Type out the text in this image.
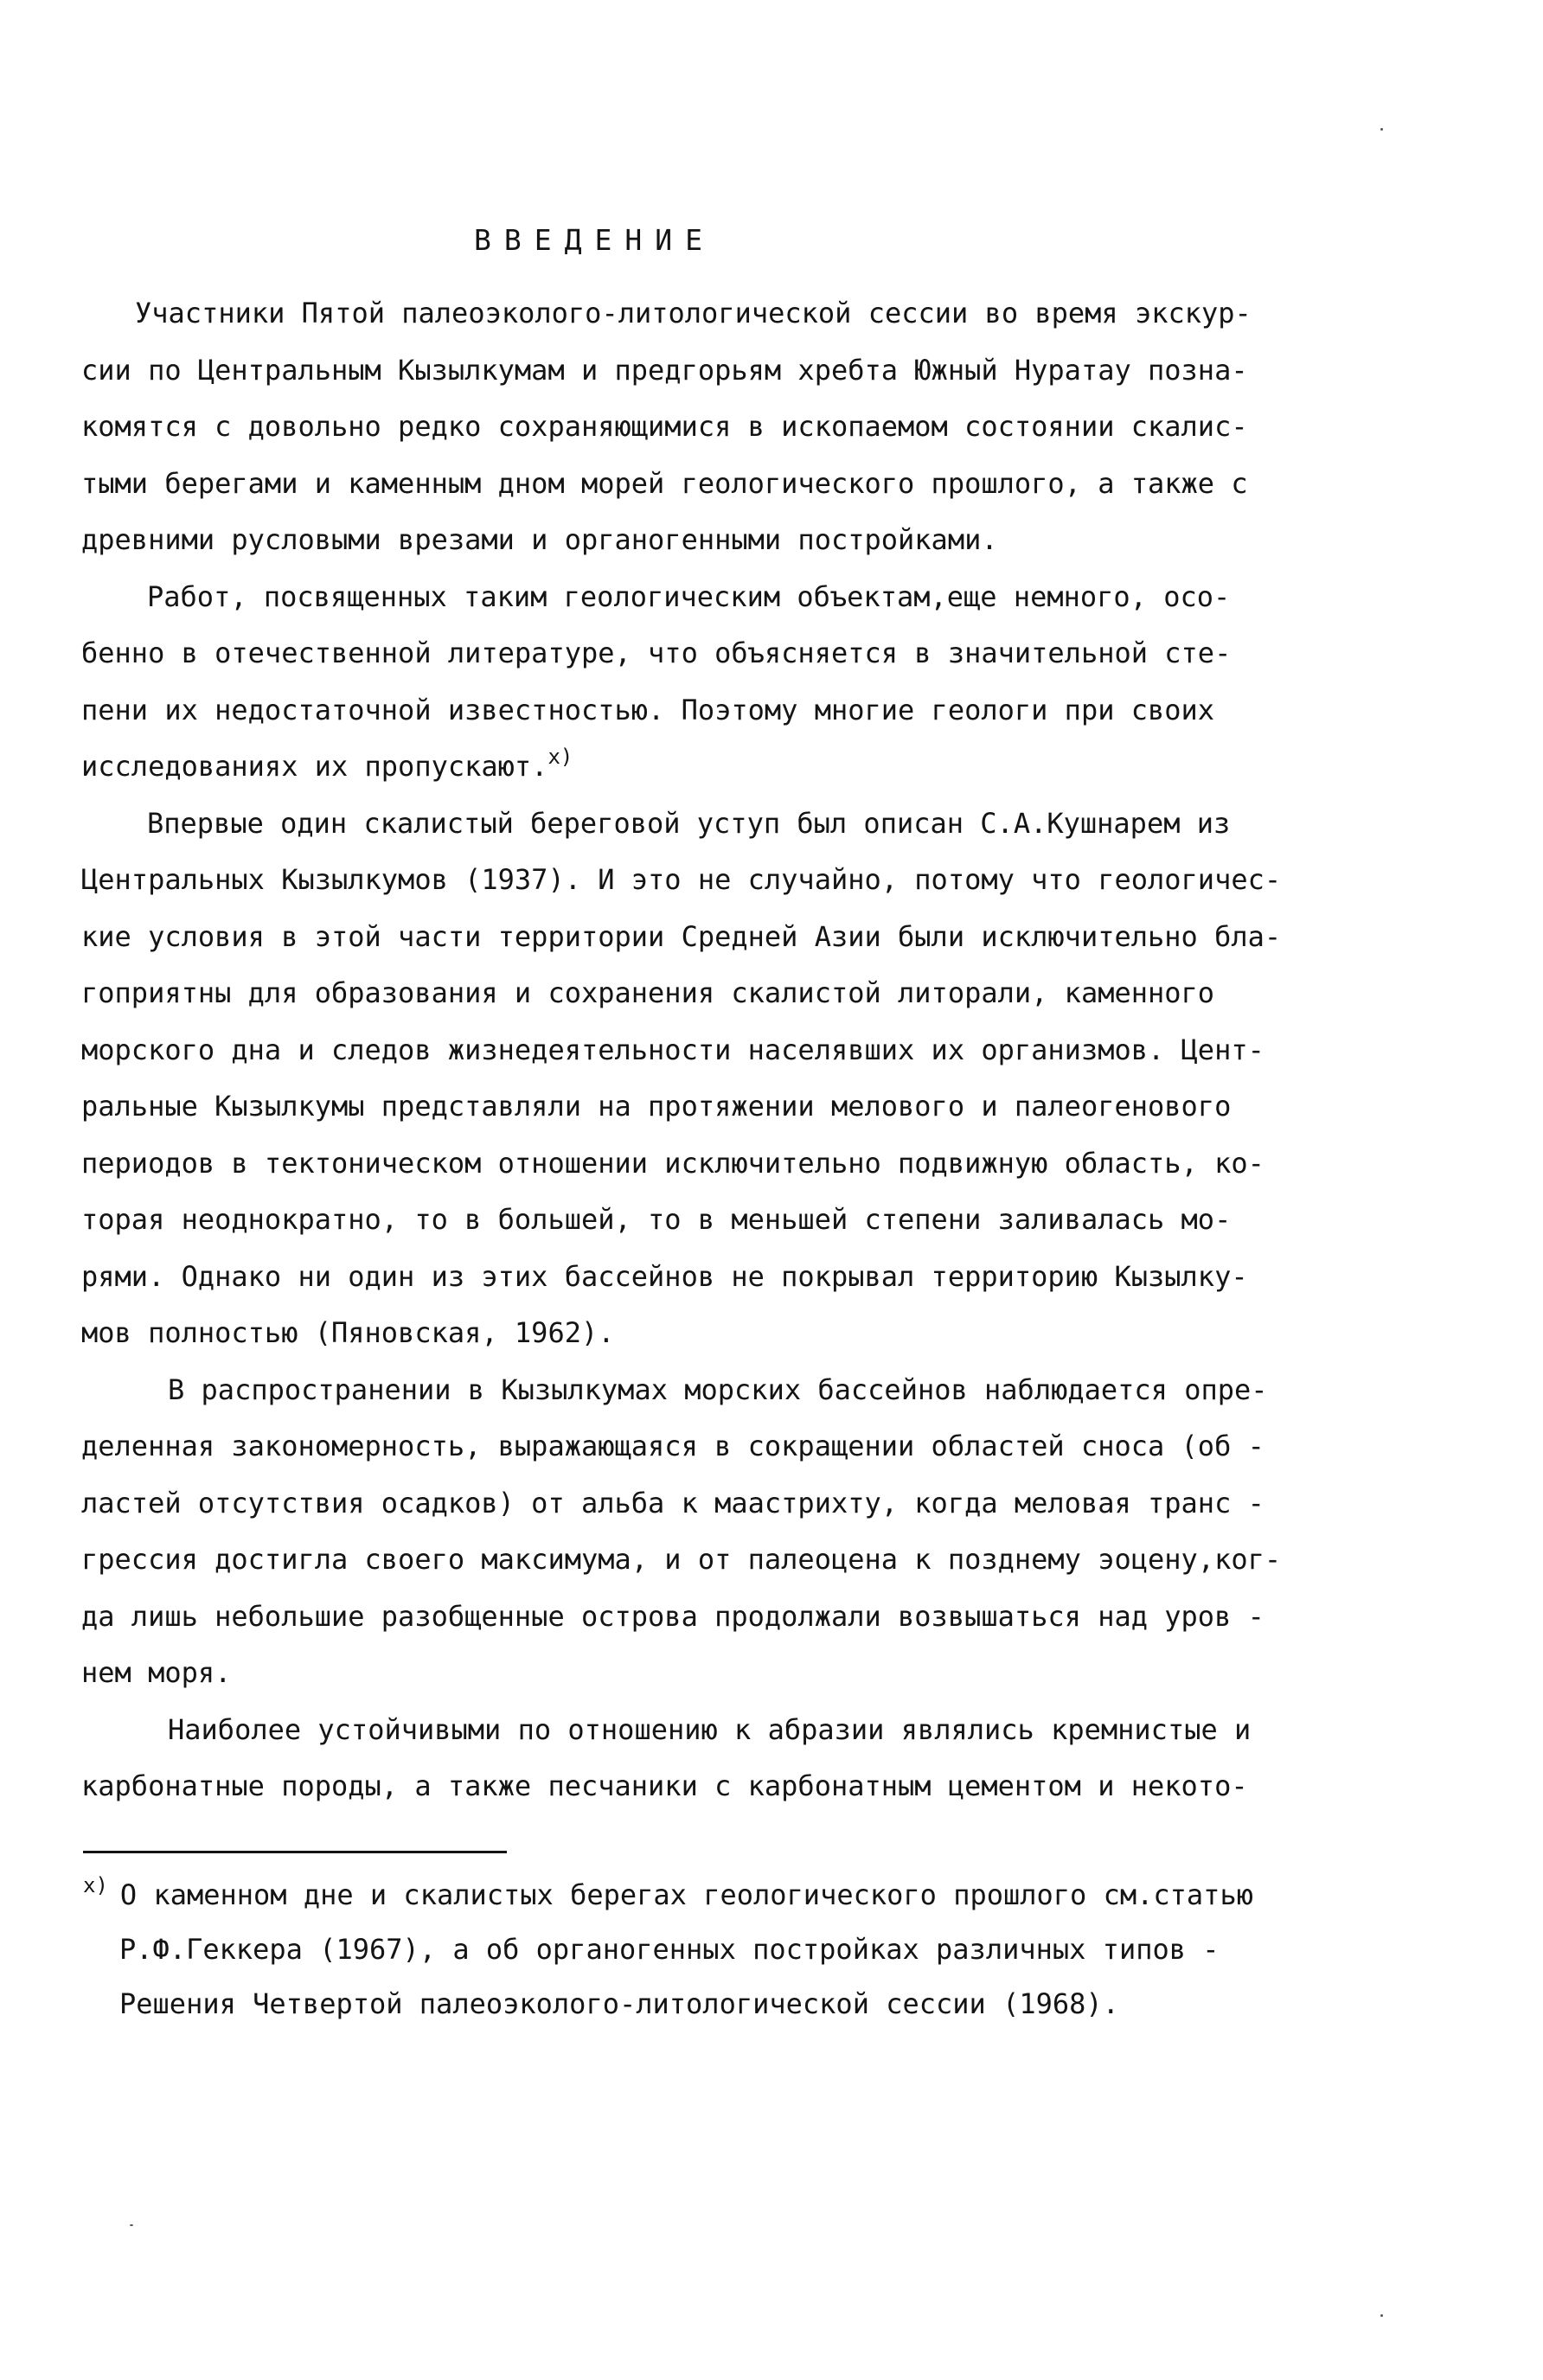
ВВЕДЕНИЕ
Участники Пятой палеоэколого-литологической сессии во время экскур-
сии по Центральным Кызылкумам и предгорьям хребта Южный Нуратау позна-
комятся с довольно редко сохраняющимися в ископаемом состоянии скалис-
тыми берегами и каменным дном морей геологического прошлого, а также с
древними русловыми врезами и органогенными постройками.
Работ, посвященных таким геологическим объектам,еще немного, осо-
бенно в отечественной литературе, что объясняется в значительной сте-
пени их недостаточной известностью. Поэтому многие геологи при своих
исследованиях их пропускают.$^{x)}$
Впервые один скалистый береговой уступ был описан С.А.Кушнарем из
Центральных Кызылкумов (1937). И это не случайно, потому что геологичес-
кие условия в этой части территории Средней Азии были исключительно бла-
гоприятны для образования и сохранения скалистой литорали, каменного
морского дна и следов жизнедеятельности населявших их организмов. Цент-
ральные Кызылкумы представляли на протяжении мелового и палеогенового
периодов в тектоническом отношении исключительно подвижную область, ко-
торая неоднократно, то в большей, то в меньшей степени заливалась мо-
рями. Однако ни один из этих бассейнов не покрывал территорию Кызылку-
мов полностью (Пяновская, 1962).
В распространении в Кызылкумах морских бассейнов наблюдается опре-
деленная закономерность, выражающаяся в сокращении областей сноса (об -
ластей отсутствия осадков) от альба к маастрихту, когда меловая транс -
грессия достигла своего максимума, и от палеоцена к позднему эоцену,ког-
да лишь небольшие разобщенные острова продолжали возвышаться над уров -
нем моря.
Наиболее устойчивыми по отношению к абразии являлись кремнистые и
карбонатные породы, а также песчаники с карбонатным цементом и некото-
$^{x)}$ О каменном дне и скалистых берегах геологического прошлого см.статью
Р.Ф.Геккера (1967), а об органогенных постройках различных типов -
Решения Четвертой палеоэколого-литологической сессии (1968).
